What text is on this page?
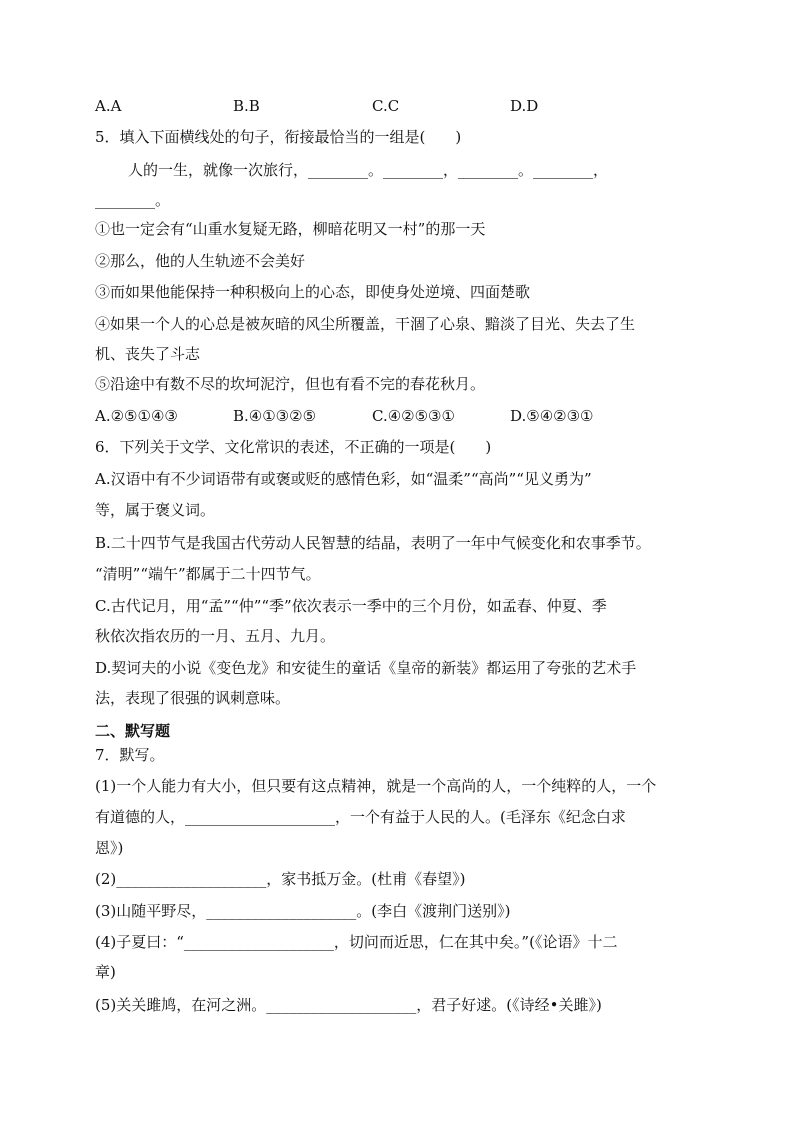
A.A	B.B	C.C	D.D
5．填入下面横线处的句子，衔接最恰当的一组是(　　)
人的一生，就像一次旅行，________。________，________。________，
________。
①也一定会有“山重水复疑无路，柳暗花明又一村”的那一天
②那么，他的人生轨迹不会美好
③而如果他能保持一种积极向上的心态，即使身处逆境、四面楚歌
④如果一个人的心总是被灰暗的风尘所覆盖，干涸了心泉、黯淡了目光、失去了生
机、丧失了斗志
⑤沿途中有数不尽的坎坷泥泞，但也有看不完的春花秋月。
A.②⑤①④③	B.④①③②⑤	C.④②⑤③①	D.⑤④②③①
6．下列关于文学、文化常识的表述，不正确的一项是(　　)
A.汉语中有不少词语带有或褒或贬的感情色彩，如“温柔”“高尚”“见义勇为”
等，属于褒义词。
B.二十四节气是我国古代劳动人民智慧的结晶，表明了一年中气候变化和农事季节。
“清明”“端午”都属于二十四节气。
C.古代记月，用“孟”“仲”“季”依次表示一季中的三个月份，如孟春、仲夏、季
秋依次指农历的一月、五月、九月。
D.契诃夫的小说《变色龙》和安徒生的童话《皇帝的新装》都运用了夸张的艺术手
法，表现了很强的讽刺意味。
二、默写题
7．默写。
(1)一个人能力有大小，但只要有这点精神，就是一个高尚的人，一个纯粹的人，一个
有道德的人，____________________，一个有益于人民的人。(毛泽东《纪念白求
恩》)
(2)____________________，家书抵万金。(杜甫《春望》)
(3)山随平野尽，____________________。(李白《渡荆门送别》)
(4)子夏曰：“____________________，切问而近思，仁在其中矣。”(《论语》十二
章)
(5)关关雎鸠，在河之洲。____________________，君子好逑。(《诗经•关雎》)
